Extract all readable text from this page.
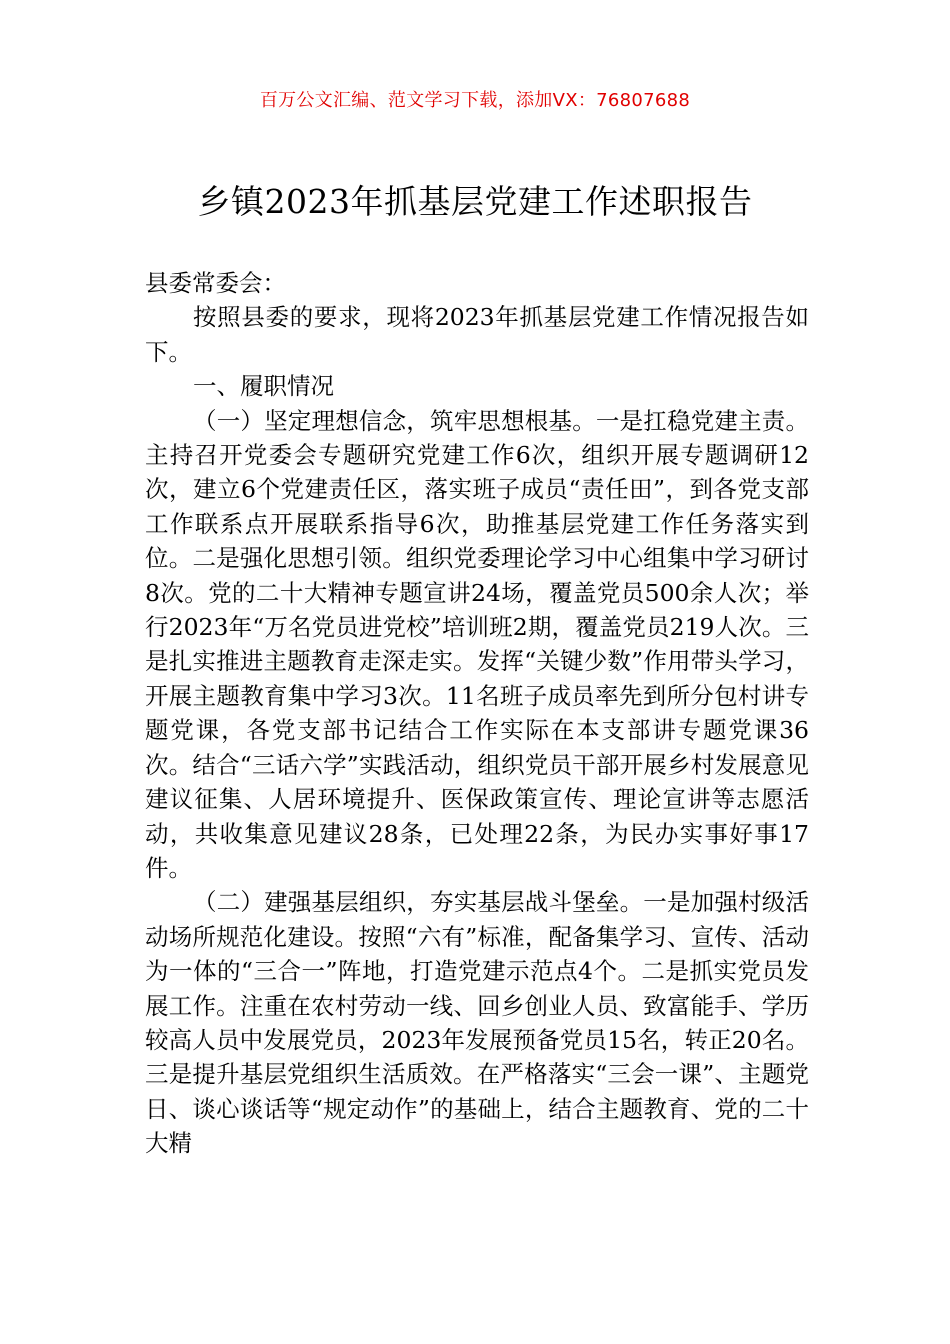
百万公文汇编、范文学习下载，添加VX：76807688
乡镇2023年抓基层党建工作述职报告

县委常委会：

按照县委的要求，现将2023年抓基层党建工作情况报告如下。

一、履职情况

（一）坚定理想信念，筑牢思想根基。一是扛稳党建主责。主持召开党委会专题研究党建工作6次，组织开展专题调研12次，建立6个党建责任区，落实班子成员“责任田”，到各党支部工作联系点开展联系指导6次，助推基层党建工作任务落实到位。二是强化思想引领。组织党委理论学习中心组集中学习研讨8次。党的二十大精神专题宣讲24场，覆盖党员500余人次；举行2023年“万名党员进党校”培训班2期，覆盖党员219人次。三是扎实推进主题教育走深走实。发挥“关键少数”作用带头学习，开展主题教育集中学习3次。11名班子成员率先到所分包村讲专题党课，各党支部书记结合工作实际在本支部讲专题党课36次。结合“三话六学”实践活动，组织党员干部开展乡村发展意见建议征集、人居环境提升、医保政策宣传、理论宣讲等志愿活动，共收集意见建议28条，已处理22条，为民办实事好事17件。

（二）建强基层组织，夯实基层战斗堡垒。一是加强村级活动场所规范化建设。按照“六有”标准，配备集学习、宣传、活动为一体的“三合一”阵地，打造党建示范点4个。二是抓实党员发展工作。注重在农村劳动一线、回乡创业人员、致富能手、学历较高人员中发展党员，2023年发展预备党员15名，转正20名。三是提升基层党组织生活质效。在严格落实“三会一课”、主题党日、谈心谈话等“规定动作”的基础上，结合主题教育、党的二十大精
